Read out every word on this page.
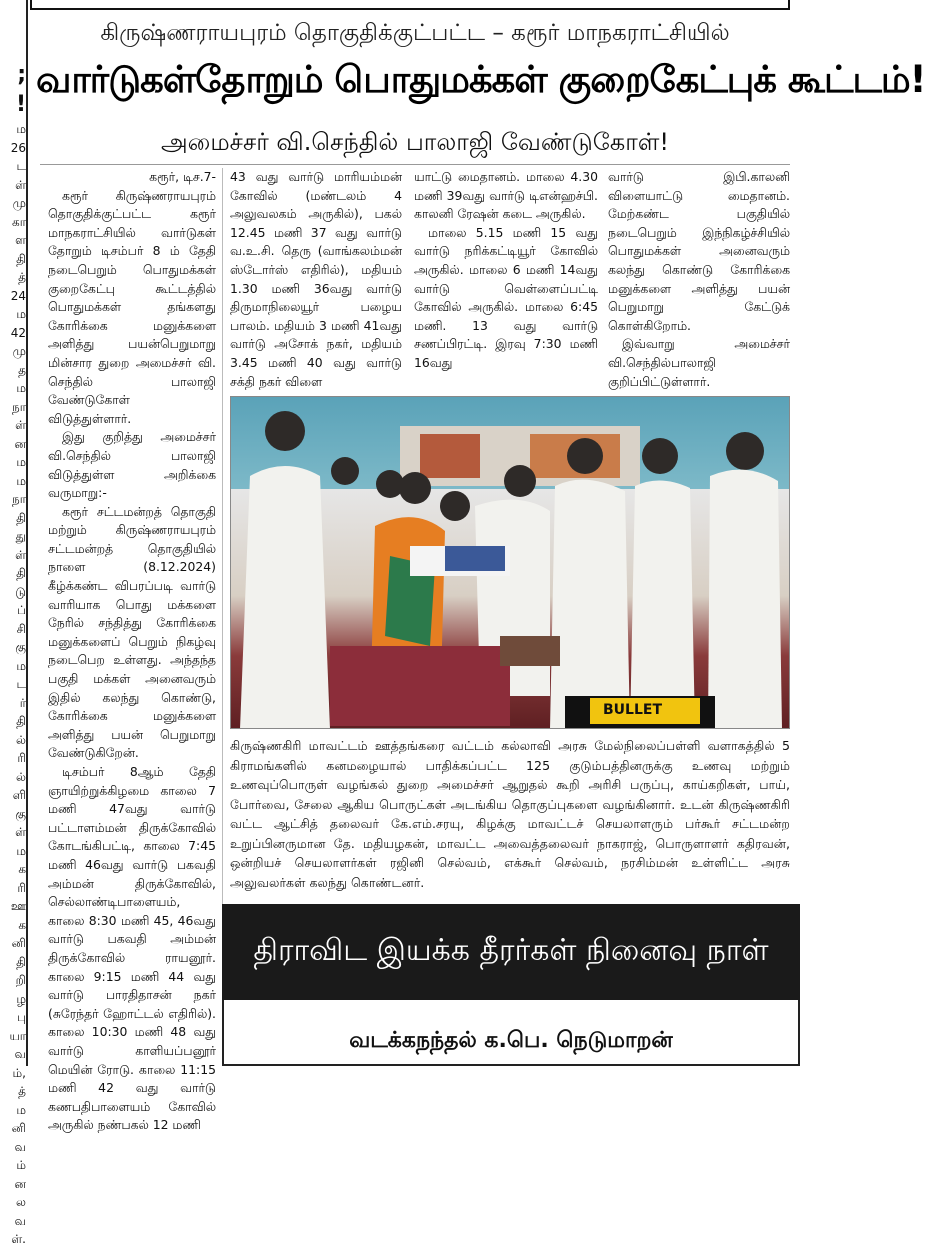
;
!
ம
26
ட
ள்
மு
கா
ள
தி
த்
24
ம
42
மு
த
ம
நா
ள்
ன
ம
ம
நா
தி
து
ள்
தி
டு
ப்
சி
கு
ம
ட
ர்
தி
ல்
ரி
ல்
ளி
கு
ள்
ம
க
ரி
ஊ
க
னி
தி
றி
ழ
பு
யா
வ
ம்,
த்
ம
னி
வ
ம்
ன
ல
வ
ள்.
கிருஷ்ணராயபுரம் தொகுதிக்குட்பட்ட – கரூர் மாநகராட்சியில்
வார்டுகள்தோறும் பொதுமக்கள் குறைகேட்புக் கூட்டம்!
அமைச்சர் வி.செந்தில் பாலாஜி வேண்டுகோள்!

கரூர், டிச.7-

கரூர் கிருஷ்ணராயபுரம் தொகுதிக்குட்பட்ட கரூர் மாநகராட்சியில் வார்டுகள் தோறும் டிசம்பர் 8 ம் தேதி நடைபெறும் பொதுமக்கள் குறைகேட்பு கூட்டத்தில் பொதுமக்கள் தங்களது கோரிக்கை மனுக்களை அளித்து பயன்பெறுமாறு மின்சார துறை அமைச்சர் வி. செந்தில் பாலாஜி வேண்டுகோள் விடுத்துள்ளார்.

இது குறித்து அமைச்சர் வி.செந்தில் பாலாஜி விடுத்துள்ள அறிக்கை வருமாறு:-

கரூர் சட்டமன்றத் தொகுதி மற்றும் கிருஷ்ணராயபுரம் சட்டமன்றத் தொகுதியில் நாளை (8.12.2024) கீழ்க்கண்ட விபரப்படி வார்டு வாரியாக பொது மக்களை நேரில் சந்தித்து கோரிக்கை மனுக்களைப் பெறும் நிகழ்வு நடைபெற உள்ளது. அந்தந்த பகுதி மக்கள் அனைவரும் இதில் கலந்து கொண்டு, கோரிக்கை மனுக்களை அளித்து பயன் பெறுமாறு வேண்டுகிறேன்.

டிசம்பர் 8ஆம் தேதி ஞாயிற்றுக்கிழமை காலை 7 மணி 47வது வார்டு பட்டாளம்மன் திருக்கோவில் கோடங்கிபட்டி, காலை 7:45 மணி 46வது வார்டு பகவதி அம்மன் திருக்கோவில், செல்லாண்டிபாளையம், காலை 8:30 மணி 45, 46வது வார்டு பகவதி அம்மன் திருக்கோவில் ராயனூர். காலை 9:15 மணி 44 வது வார்டு பாரதிதாசன் நகர் (சுரேந்தர் ஹோட்டல் எதிரில்). காலை 10:30 மணி 48 வது வார்டு காளியப்பனூர் மெயின் ரோடு. காலை 11:15 மணி 42 வது வார்டு கணபதிபாளையம் கோவில் அருகில் நண்பகல் 12 மணி

43 வது வார்டு மாரியம்மன் கோவில் (மண்டலம் 4 அலுவலகம் அருகில்), பகல் 12.45 மணி 37 வது வார்டு வ.உ.சி. தெரு (வாங்கலம்மன் ஸ்டோர்ஸ் எதிரில்), மதியம் 1.30 மணி 36வது வார்டு திருமாநிலையூர் பழைய பாலம். மதியம் 3 மணி 41வது வார்டு அசோக் நகர், மதியம் 3.45 மணி 40 வது வார்டு சக்தி நகர் விளை

யாட்டு மைதானம். மாலை 4.30 மணி 39வது வார்டு டிஎன்ஹச்பி. காலனி ரேஷன் கடை அருகில்.

மாலை 5.15 மணி 15 வது வார்டு நரிக்கட்டியூர் கோவில் அருகில். மாலை 6 மணி 14வது வார்டு வெள்ளைப்பட்டி கோவில் அருகில். மாலை 6:45 மணி. 13 வது வார்டு சணப்பிரட்டி. இரவு 7:30 மணி 16வது

வார்டு இபி.காலனி விளையாட்டு மைதானம். மேற்கண்ட பகுதியில் நடைபெறும் இந்நிகழ்ச்சியில் பொதுமக்கள் அனைவரும் கலந்து கொண்டு கோரிக்கை மனுக்களை அளித்து பயன் பெறுமாறு கேட்டுக் கொள்கிறோம்.

இவ்வாறு அமைச்சர் வி.செந்தில்பாலாஜி குறிப்பிட்டுள்ளார்.

BULLET
கிருஷ்ணகிரி மாவட்டம் ஊத்தங்கரை வட்டம் கல்லாவி அரசு மேல்நிலைப்பள்ளி வளாகத்தில் 5 கிராமங்களில் கனமழையால் பாதிக்கப்பட்ட 125 குடும்பத்தினருக்கு உணவு மற்றும் உணவுப்பொருள் வழங்கல் துறை அமைச்சர் ஆறுதல் கூறி அரிசி பருப்பு, காய்கறிகள், பாய், போர்வை, சேலை ஆகிய பொருட்கள் அடங்கிய தொகுப்புகளை வழங்கினார். உடன் கிருஷ்ணகிரி வட்ட ஆட்சித் தலைவர் கே.எம்.சரயு, கிழக்கு மாவட்டச் செயலாளரும் பர்கூர் சட்டமன்ற உறுப்பினருமான தே. மதியழகன், மாவட்ட அவைத்தலைவர் நாகராஜ், பொருளாளர் கதிரவன், ஒன்றியச் செயலாளர்கள் ரஜினி செல்வம், எக்கூர் செல்வம், நரசிம்மன் உள்ளிட்ட அரசு அலுவலர்கள் கலந்து கொண்டனர்.
திராவிட இயக்க தீரர்கள் நினைவு நாள்
வடக்கநந்தல் க.பெ. நெடுமாறன்
